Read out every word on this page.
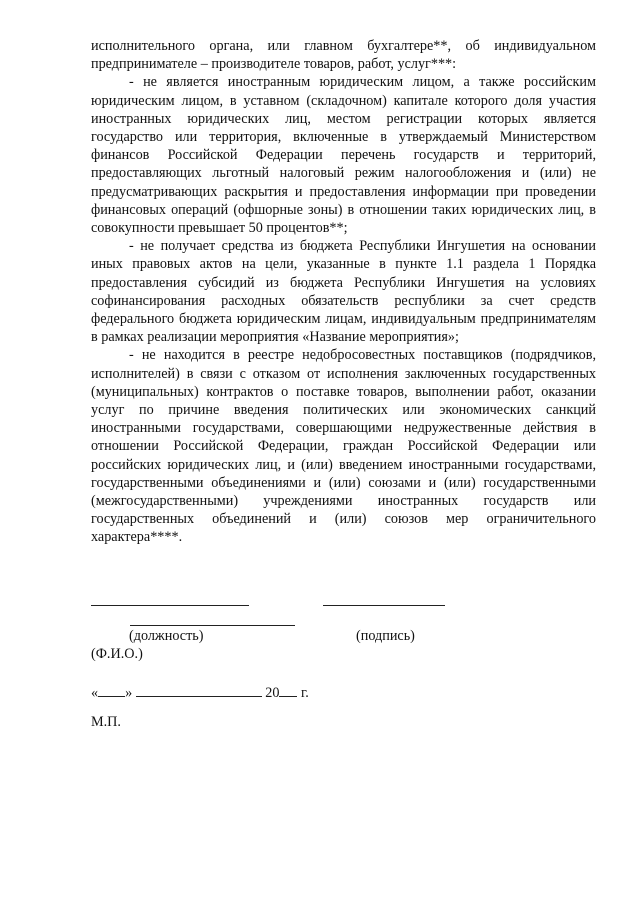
исполнительного органа, или главном бухгалтере**, об индивидуальном предпринимателе – производителе товаров, работ, услуг***:

- не является иностранным юридическим лицом, а также российским юридическим лицом, в уставном (складочном) капитале которого доля участия иностранных юридических лиц, местом регистрации которых является государство или территория, включенные в утверждаемый Министерством финансов Российской Федерации перечень государств и территорий, предоставляющих льготный налоговый режим налогообложения и (или) не предусматривающих раскрытия и предоставления информации при проведении финансовых операций (офшорные зоны) в отношении таких юридических лиц, в совокупности превышает 50 процентов**;

- не получает средства из бюджета Республики Ингушетия на основании иных правовых актов на цели, указанные в пункте 1.1 раздела 1 Порядка предоставления субсидий из бюджета Республики Ингушетия на условиях софинансирования расходных обязательств республики за счет средств федерального бюджета юридическим лицам, индивидуальным предпринимателям в рамках реализации мероприятия «Название мероприятия»;

- не находится в реестре недобросовестных поставщиков (подрядчиков, исполнителей) в связи с отказом от исполнения заключенных государственных (муниципальных) контрактов о поставке товаров, выполнении работ, оказании услуг по причине введения политических или экономических санкций иностранными государствами, совершающими недружественные действия в отношении Российской Федерации, граждан Российской Федерации или российских юридических лиц, и (или) введением иностранными государствами, государственными объединениями и (или) союзами и (или) государственными (межгосударственными) учреждениями иностранных государств или государственных объединений и (или) союзов мер ограничительного характера****.

(должность)	(подпись)
(Ф.И.О.)
« »	20 г.
М.П.
